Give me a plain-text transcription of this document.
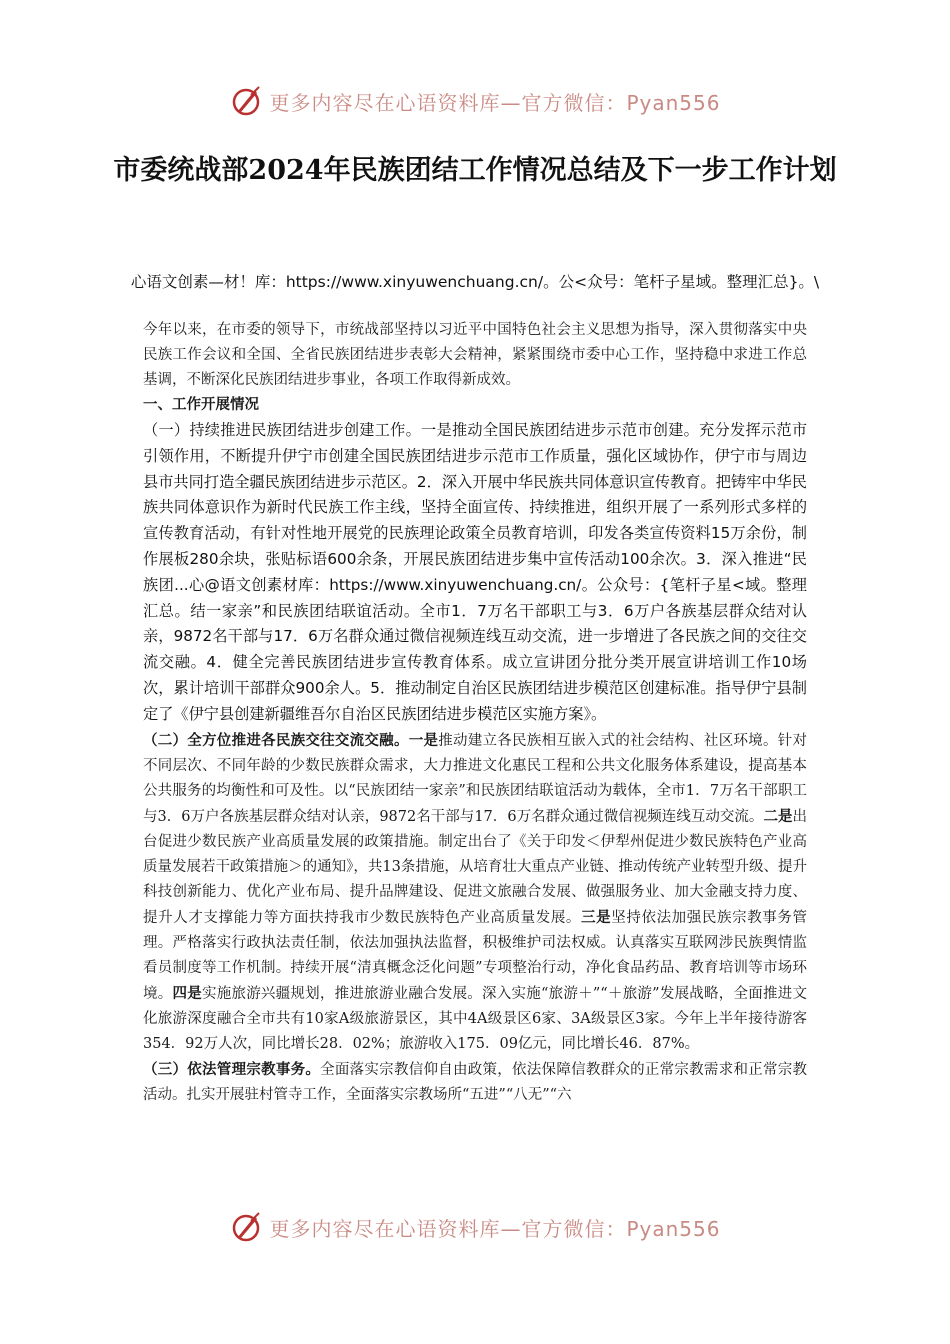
更多内容尽在心语资料库—官方微信：Pyan556
市委统战部2024年民族团结工作情况总结及下一步工作计划
心语文创素—材！库：https://www.xinyuwenchuang.cn/。公<众号：笔杆子星域。整理汇总}。\

今年以来，在市委的领导下，市统战部坚持以习近平中国特色社会主义思想为指导，深入贯彻落实中央民族工作会议和全国、全省民族团结进步表彰大会精神，紧紧围绕市委中心工作，坚持稳中求进工作总基调，不断深化民族团结进步事业，各项工作取得新成效。

一、工作开展情况

（一）持续推进民族团结进步创建工作。一是推动全国民族团结进步示范市创建。充分发挥示范市引领作用，不断提升伊宁市创建全国民族团结进步示范市工作质量，强化区域协作，伊宁市与周边县市共同打造全疆民族团结进步示范区。2．深入开展中华民族共同体意识宣传教育。把铸牢中华民族共同体意识作为新时代民族工作主线，坚持全面宣传、持续推进，组织开展了一系列形式多样的宣传教育活动，有针对性地开展党的民族理论政策全员教育培训，印发各类宣传资料15万余份，制作展板280余块，张贴标语600余条，开展民族团结进步集中宣传活动100余次。3．深入推进“民族团...心@语文创素材库：https://www.xinyuwenchuang.cn/。公众号：{笔杆子星<域。整理汇总。结一家亲”和民族团结联谊活动。全市1．7万名干部职工与3．6万户各族基层群众结对认亲，9872名干部与17．6万名群众通过微信视频连线互动交流，进一步增进了各民族之间的交往交流交融。4．健全完善民族团结进步宣传教育体系。成立宣讲团分批分类开展宣讲培训工作10场次，累计培训干部群众900余人。5．推动制定自治区民族团结进步模范区创建标准。指导伊宁县制定了《伊宁县创建新疆维吾尔自治区民族团结进步模范区实施方案》。

（二）全方位推进各民族交往交流交融。一是推动建立各民族相互嵌入式的社会结构、社区环境。针对不同层次、不同年龄的少数民族群众需求，大力推进文化惠民工程和公共文化服务体系建设，提高基本公共服务的均衡性和可及性。以“民族团结一家亲”和民族团结联谊活动为载体，全市1．7万名干部职工与3．6万户各族基层群众结对认亲，9872名干部与17．6万名群众通过微信视频连线互动交流。二是出台促进少数民族产业高质量发展的政策措施。制定出台了《关于印发＜伊犁州促进少数民族特色产业高质量发展若干政策措施＞的通知》，共13条措施，从培育壮大重点产业链、推动传统产业转型升级、提升科技创新能力、优化产业布局、提升品牌建设、促进文旅融合发展、做强服务业、加大金融支持力度、提升人才支撑能力等方面扶持我市少数民族特色产业高质量发展。三是坚持依法加强民族宗教事务管理。严格落实行政执法责任制，依法加强执法监督，积极维护司法权威。认真落实互联网涉民族舆情监看员制度等工作机制。持续开展“清真概念泛化问题”专项整治行动，净化食品药品、教育培训等市场环境。四是实施旅游兴疆规划，推进旅游业融合发展。深入实施“旅游＋”“＋旅游”发展战略，全面推进文化旅游深度融合全市共有10家A级旅游景区，其中4A级景区6家、3A级景区3家。今年上半年接待游客354．92万人次，同比增长28．02%；旅游收入175．09亿元，同比增长46．87%。

（三）依法管理宗教事务。全面落实宗教信仰自由政策，依法保障信教群众的正常宗教需求和正常宗教活动。扎实开展驻村管寺工作，全面落实宗教场所“五进”“八无”“六

更多内容尽在心语资料库—官方微信：Pyan556
